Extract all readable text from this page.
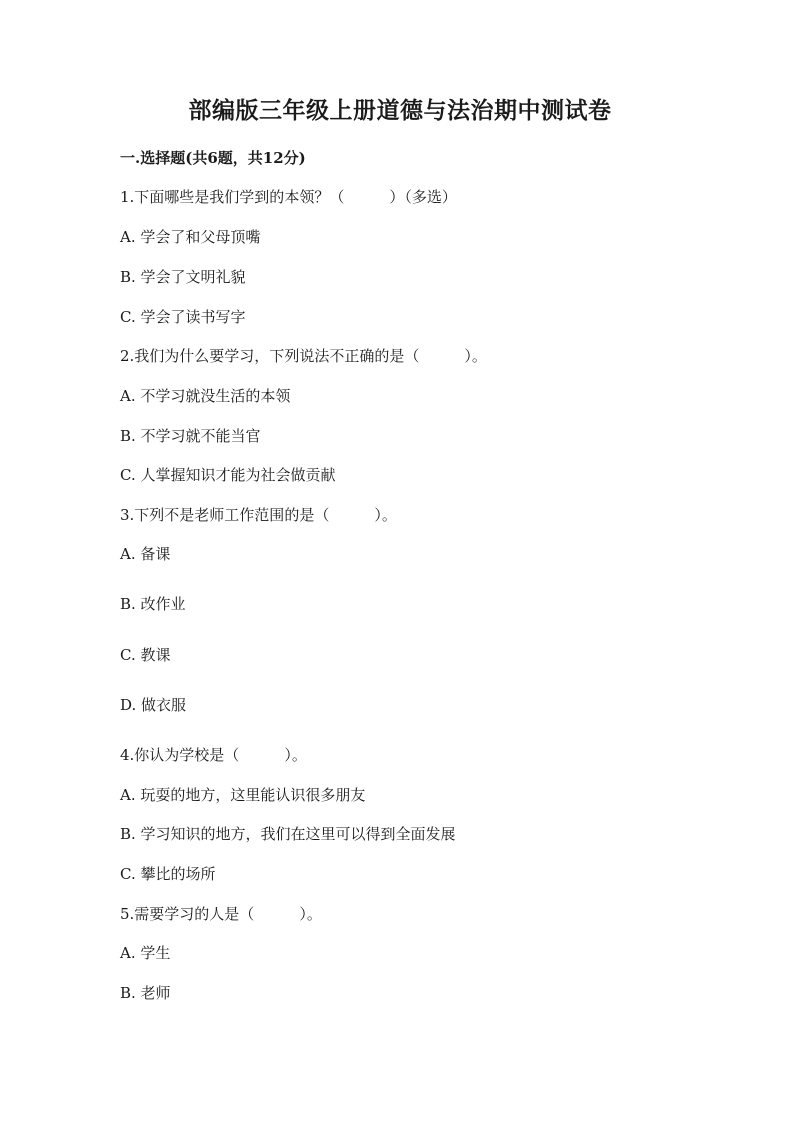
部编版三年级上册道德与法治期中测试卷
一.选择题(共6题，共12分)
1.下面哪些是我们学到的本领？（　　　）（多选）
A. 学会了和父母顶嘴
B. 学会了文明礼貌
C. 学会了读书写字
2.我们为什么要学习，下列说法不正确的是（　　　）。
A. 不学习就没生活的本领
B. 不学习就不能当官
C. 人掌握知识才能为社会做贡献
3.下列不是老师工作范围的是（　　　）。
A. 备课
B. 改作业
C. 教课
D. 做衣服
4.你认为学校是（　　　）。
A. 玩耍的地方，这里能认识很多朋友
B. 学习知识的地方，我们在这里可以得到全面发展
C. 攀比的场所
5.需要学习的人是（　　　）。
A. 学生
B. 老师
